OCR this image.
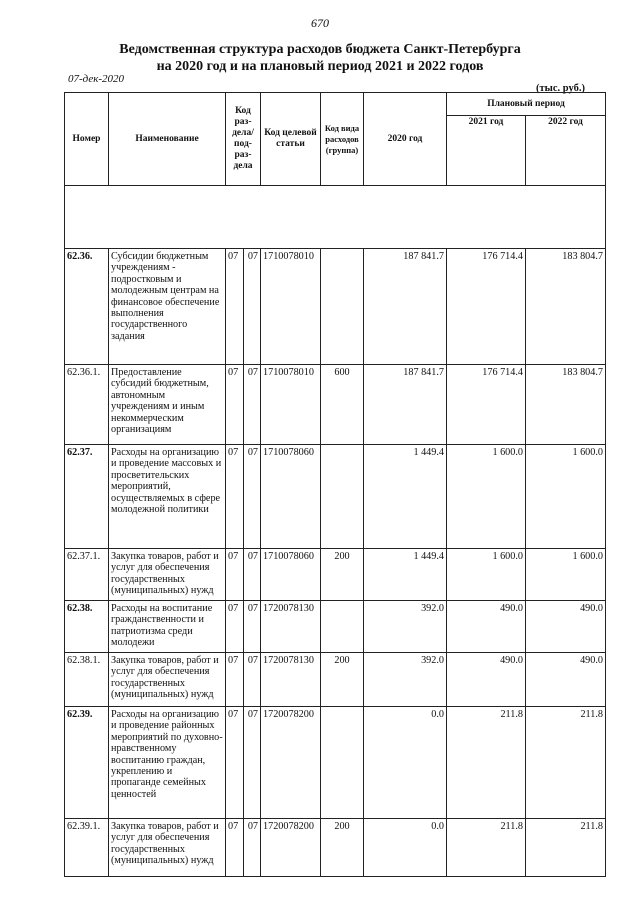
670
Ведомственная структура расходов бюджета Санкт-Петербурга
на 2020 год и на плановый период 2021 и 2022 годов
07-дек-2020
(тыс. руб.)
Номер	Наименование	Код раз-дела/ под-раз-дела		Код целевой статьи	Код вида расходов (группа)	2020 год	Плановый период	
							2021 год	2022 год

62.36.	Субсидии бюджетным учреждениям - подростковым и молодежным центрам на финансовое обеспечение выполнения государственного задания	07	07	1710078010		187 841.7	176 714.4	183 804.7
62.36.1.	Предоставление субсидий бюджетным, автономным учреждениям и иным некоммерческим организациям	07	07	1710078010	600	187 841.7	176 714.4	183 804.7
62.37.	Расходы на организацию и проведение массовых и просветительских мероприятий, осуществляемых в сфере молодежной политики	07	07	1710078060		1 449.4	1 600.0	1 600.0
62.37.1.	Закупка товаров, работ и услуг для обеспечения государственных (муниципальных) нужд	07	07	1710078060	200	1 449.4	1 600.0	1 600.0
62.38.	Расходы на воспитание гражданственности и патриотизма среди молодежи	07	07	1720078130		392.0	490.0	490.0
62.38.1.	Закупка товаров, работ и услуг для обеспечения государственных (муниципальных) нужд	07	07	1720078130	200	392.0	490.0	490.0
62.39.	Расходы на организацию и проведение районных мероприятий по духовно-нравственному воспитанию граждан, укреплению и пропаганде семейных ценностей	07	07	1720078200		0.0	211.8	211.8
62.39.1.	Закупка товаров, работ и услуг для обеспечения государственных (муниципальных) нужд	07	07	1720078200	200	0.0	211.8	211.8
